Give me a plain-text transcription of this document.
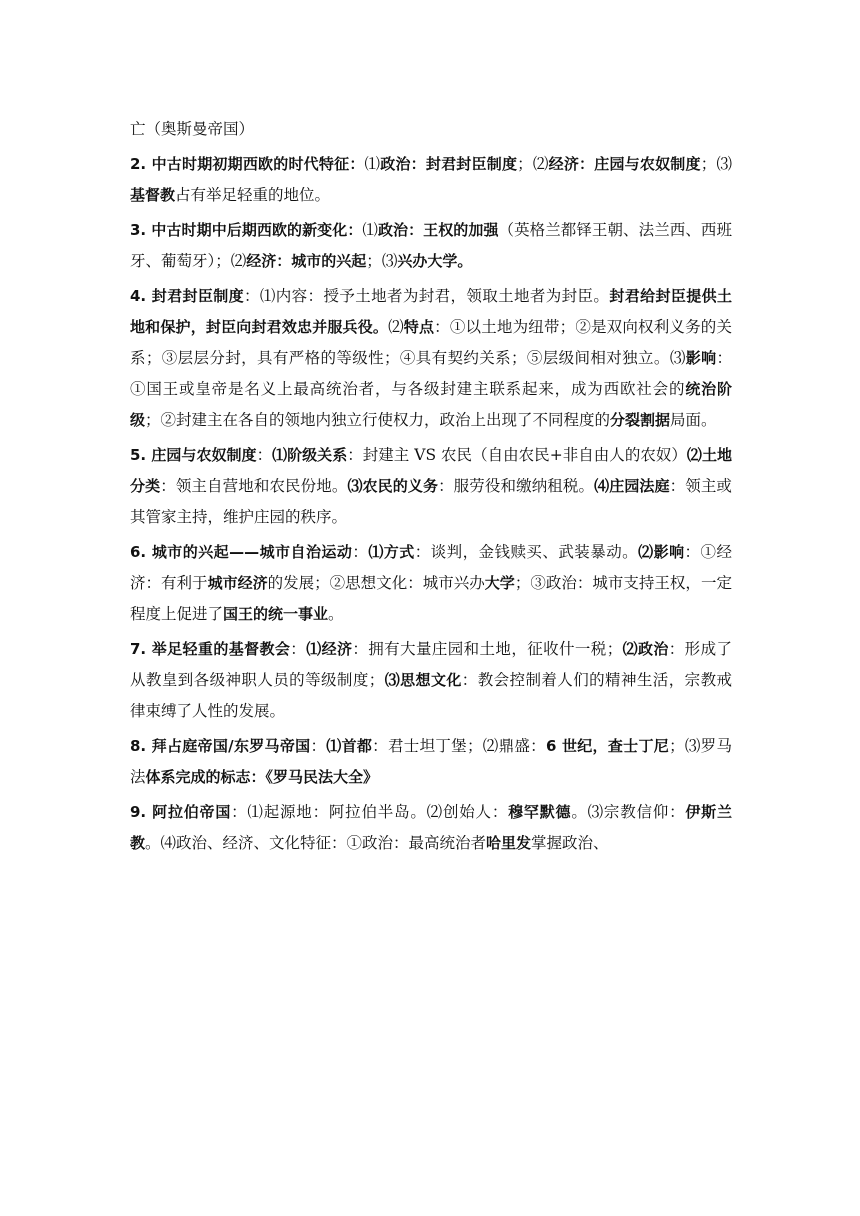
亡（奥斯曼帝国）

2. 中古时期初期西欧的时代特征：⑴政治：封君封臣制度；⑵经济：庄园与农奴制度；⑶基督教占有举足轻重的地位。

3. 中古时期中后期西欧的新变化：⑴政治：王权的加强（英格兰都铎王朝、法兰西、西班牙、葡萄牙）；⑵经济：城市的兴起；⑶兴办大学。

4. 封君封臣制度：⑴内容：授予土地者为封君，领取土地者为封臣。封君给封臣提供土地和保护，封臣向封君效忠并服兵役。⑵特点：①以土地为纽带；②是双向权利义务的关系；③层层分封，具有严格的等级性；④具有契约关系；⑤层级间相对独立。⑶影响：①国王或皇帝是名义上最高统治者，与各级封建主联系起来，成为西欧社会的统治阶级；②封建主在各自的领地内独立行使权力，政治上出现了不同程度的分裂割据局面。

5. 庄园与农奴制度：⑴阶级关系：封建主 VS 农民（自由农民+非自由人的农奴）⑵土地分类：领主自营地和农民份地。⑶农民的义务：服劳役和缴纳租税。⑷庄园法庭：领主或其管家主持，维护庄园的秩序。

6. 城市的兴起——城市自治运动：⑴方式：谈判，金钱赎买、武装暴动。⑵影响：①经济：有利于城市经济的发展；②思想文化：城市兴办大学；③政治：城市支持王权，一定程度上促进了国王的统一事业。

7. 举足轻重的基督教会：⑴经济：拥有大量庄园和土地，征收什一税；⑵政治：形成了从教皇到各级神职人员的等级制度；⑶思想文化：教会控制着人们的精神生活，宗教戒律束缚了人性的发展。

8. 拜占庭帝国/东罗马帝国：⑴首都：君士坦丁堡；⑵鼎盛：6 世纪，查士丁尼；⑶罗马法体系完成的标志：《罗马民法大全》

9. 阿拉伯帝国：⑴起源地：阿拉伯半岛。⑵创始人：穆罕默德。⑶宗教信仰：伊斯兰教。⑷政治、经济、文化特征：①政治：最高统治者哈里发掌握政治、
